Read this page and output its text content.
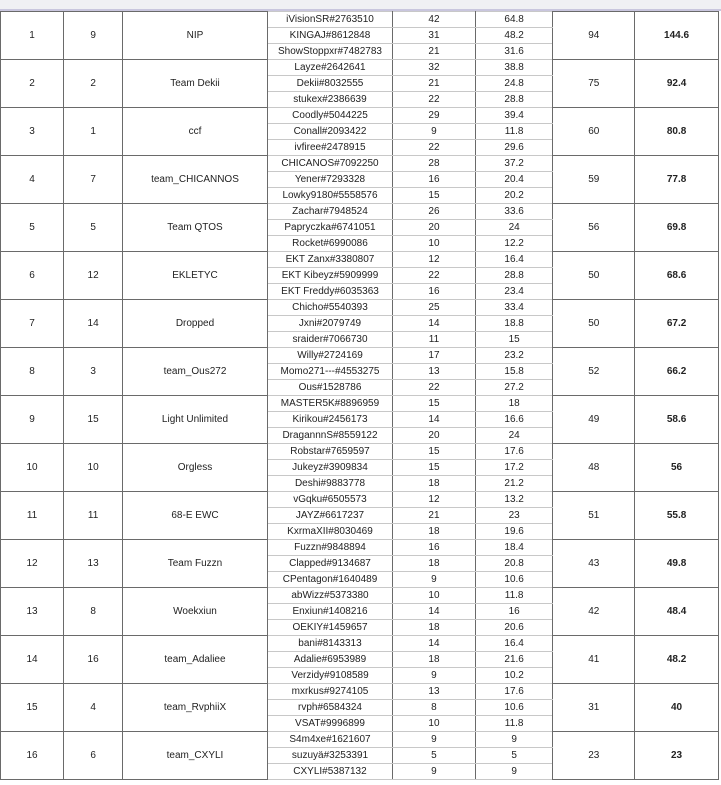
1	9	NIP	iVisionSR#2763510	42	64.8	94	144.6
			KINGAJ#8612848	31	48.2		
			ShowStoppxr#7482783	21	31.6		
2	2	Team Dekii	Layze#2642641	32	38.8	75	92.4
			Dekii#8032555	21	24.8		
			stukex#2386639	22	28.8		
3	1	ccf	Coodly#5044225	29	39.4	60	80.8
			Conall#2093422	9	11.8		
			ivfiree#2478915	22	29.6		
4	7	team_CHICANNOS	CHICANOS#7092250	28	37.2	59	77.8
			Yener#7293328	16	20.4		
			Lowky9180#5558576	15	20.2		
5	5	Team QTOS	Zachar#7948524	26	33.6	56	69.8
			Papryczka#6741051	20	24		
			Rocket#6990086	10	12.2		
6	12	EKLETYC	EKT Zanx#3380807	12	16.4	50	68.6
			EKT Kibeyz#5909999	22	28.8		
			EKT Freddy#6035363	16	23.4		
7	14	Dropped	Chicho#5540393	25	33.4	50	67.2
			Jxni#2079749	14	18.8		
			sraider#7066730	11	15		
8	3	team_Ous272	Willy#2724169	17	23.2	52	66.2
			Momo271---#4553275	13	15.8		
			Ous#1528786	22	27.2		
9	15	Light Unlimited	MASTER5K#8896959	15	18	49	58.6
			Kirikou#2456173	14	16.6		
			DragannnS#8559122	20	24		
10	10	Orgless	Robstar#7659597	15	17.6	48	56
			Jukeyz#3909834	15	17.2		
			Deshi#9883778	18	21.2		
11	11	68-E EWC	vGqku#6505573	12	13.2	51	55.8
			JAYZ#6617237	21	23		
			KxrmaXII#8030469	18	19.6		
12	13	Team Fuzzn	Fuzzn#9848894	16	18.4	43	49.8
			Clapped#9134687	18	20.8		
			CPentagon#1640489	9	10.6		
13	8	Woekxiun	abWizz#5373380	10	11.8	42	48.4
			Enxiun#1408216	14	16		
			OEKIY#1459657	18	20.6		
14	16	team_Adaliee	bani#8143313	14	16.4	41	48.2
			Adalie#6953989	18	21.6		
			Verzidy#9108589	9	10.2		
15	4	team_RvphiiX	mxrkus#9274105	13	17.6	31	40
			rvph#6584324	8	10.6		
			VSAT#9996899	10	11.8		
16	6	team_CXYLI	S4m4xe#1621607	9	9	23	23
			suzuyä#3253391	5	5		
			CXYLI#5387132	9	9		
